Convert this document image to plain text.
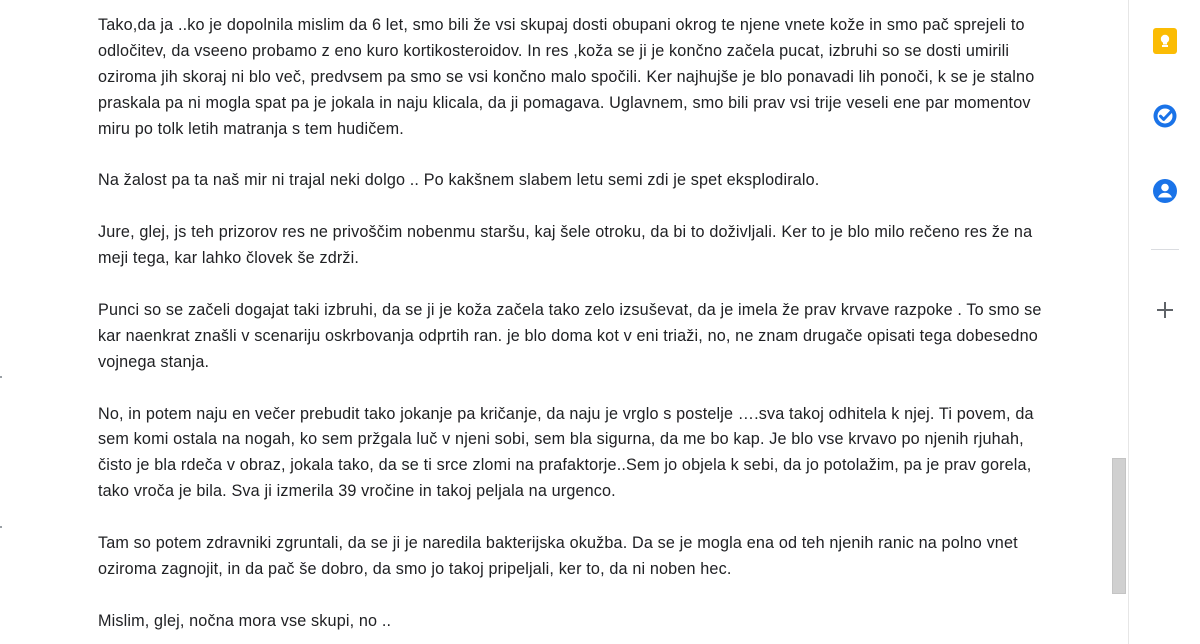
Tako,da ja ..ko je dopolnila mislim da 6 let, smo bili že vsi skupaj dosti obupani okrog te njene vnete kože in smo pač sprejeli to
odločitev, da vseeno probamo z eno kuro kortikosteroidov. In res ,koža se ji je končno začela pucat, izbruhi so se dosti umirili
oziroma jih skoraj ni blo več, predvsem pa smo se vsi končno malo spočili. Ker najhujše je blo ponavadi lih ponoči, k se je stalno
praskala pa ni mogla spat pa je jokala in naju klicala, da ji pomagava. Uglavnem, smo bili prav vsi trije veseli ene par momentov
miru po tolk letih matranja s tem hudičem.

Na žalost pa ta naš mir ni trajal neki dolgo .. Po kakšnem slabem letu semi zdi je spet eksplodiralo.

Jure, glej, js teh prizorov res ne privoščim nobenmu staršu, kaj šele otroku, da bi to doživljali. Ker to je blo milo rečeno res že na
meji tega, kar lahko človek še zdrži.

Punci so se začeli dogajat taki izbruhi, da se ji je koža začela tako zelo izsuševat, da je imela že prav krvave razpoke . To smo se
kar naenkrat znašli v scenariju oskrbovanja odprtih ran. je blo doma kot v eni triaži, no, ne znam drugače opisati tega dobesedno
vojnega stanja.

No, in potem naju en večer prebudit tako jokanje pa kričanje, da naju je vrglo s postelje ….sva takoj odhitela k njej. Ti povem, da
sem komi ostala na nogah, ko sem pržgala luč v njeni sobi, sem bla sigurna, da me bo kap. Je blo vse krvavo po njenih rjuhah,
čisto je bla rdeča v obraz, jokala tako, da se ti srce zlomi na prafaktorje..Sem jo objela k sebi, da jo potolažim, pa je prav gorela,
tako vroča je bila. Sva ji izmerila 39 vročine in takoj peljala na urgenco.

Tam so potem zdravniki zgruntali, da se ji je naredila bakterijska okužba. Da se je mogla ena od teh njenih ranic na polno vnet
oziroma zagnojit, in da pač še dobro, da smo jo takoj pripeljali, ker to, da ni noben hec.

Mislim, glej, nočna mora vse skupi, no ..
